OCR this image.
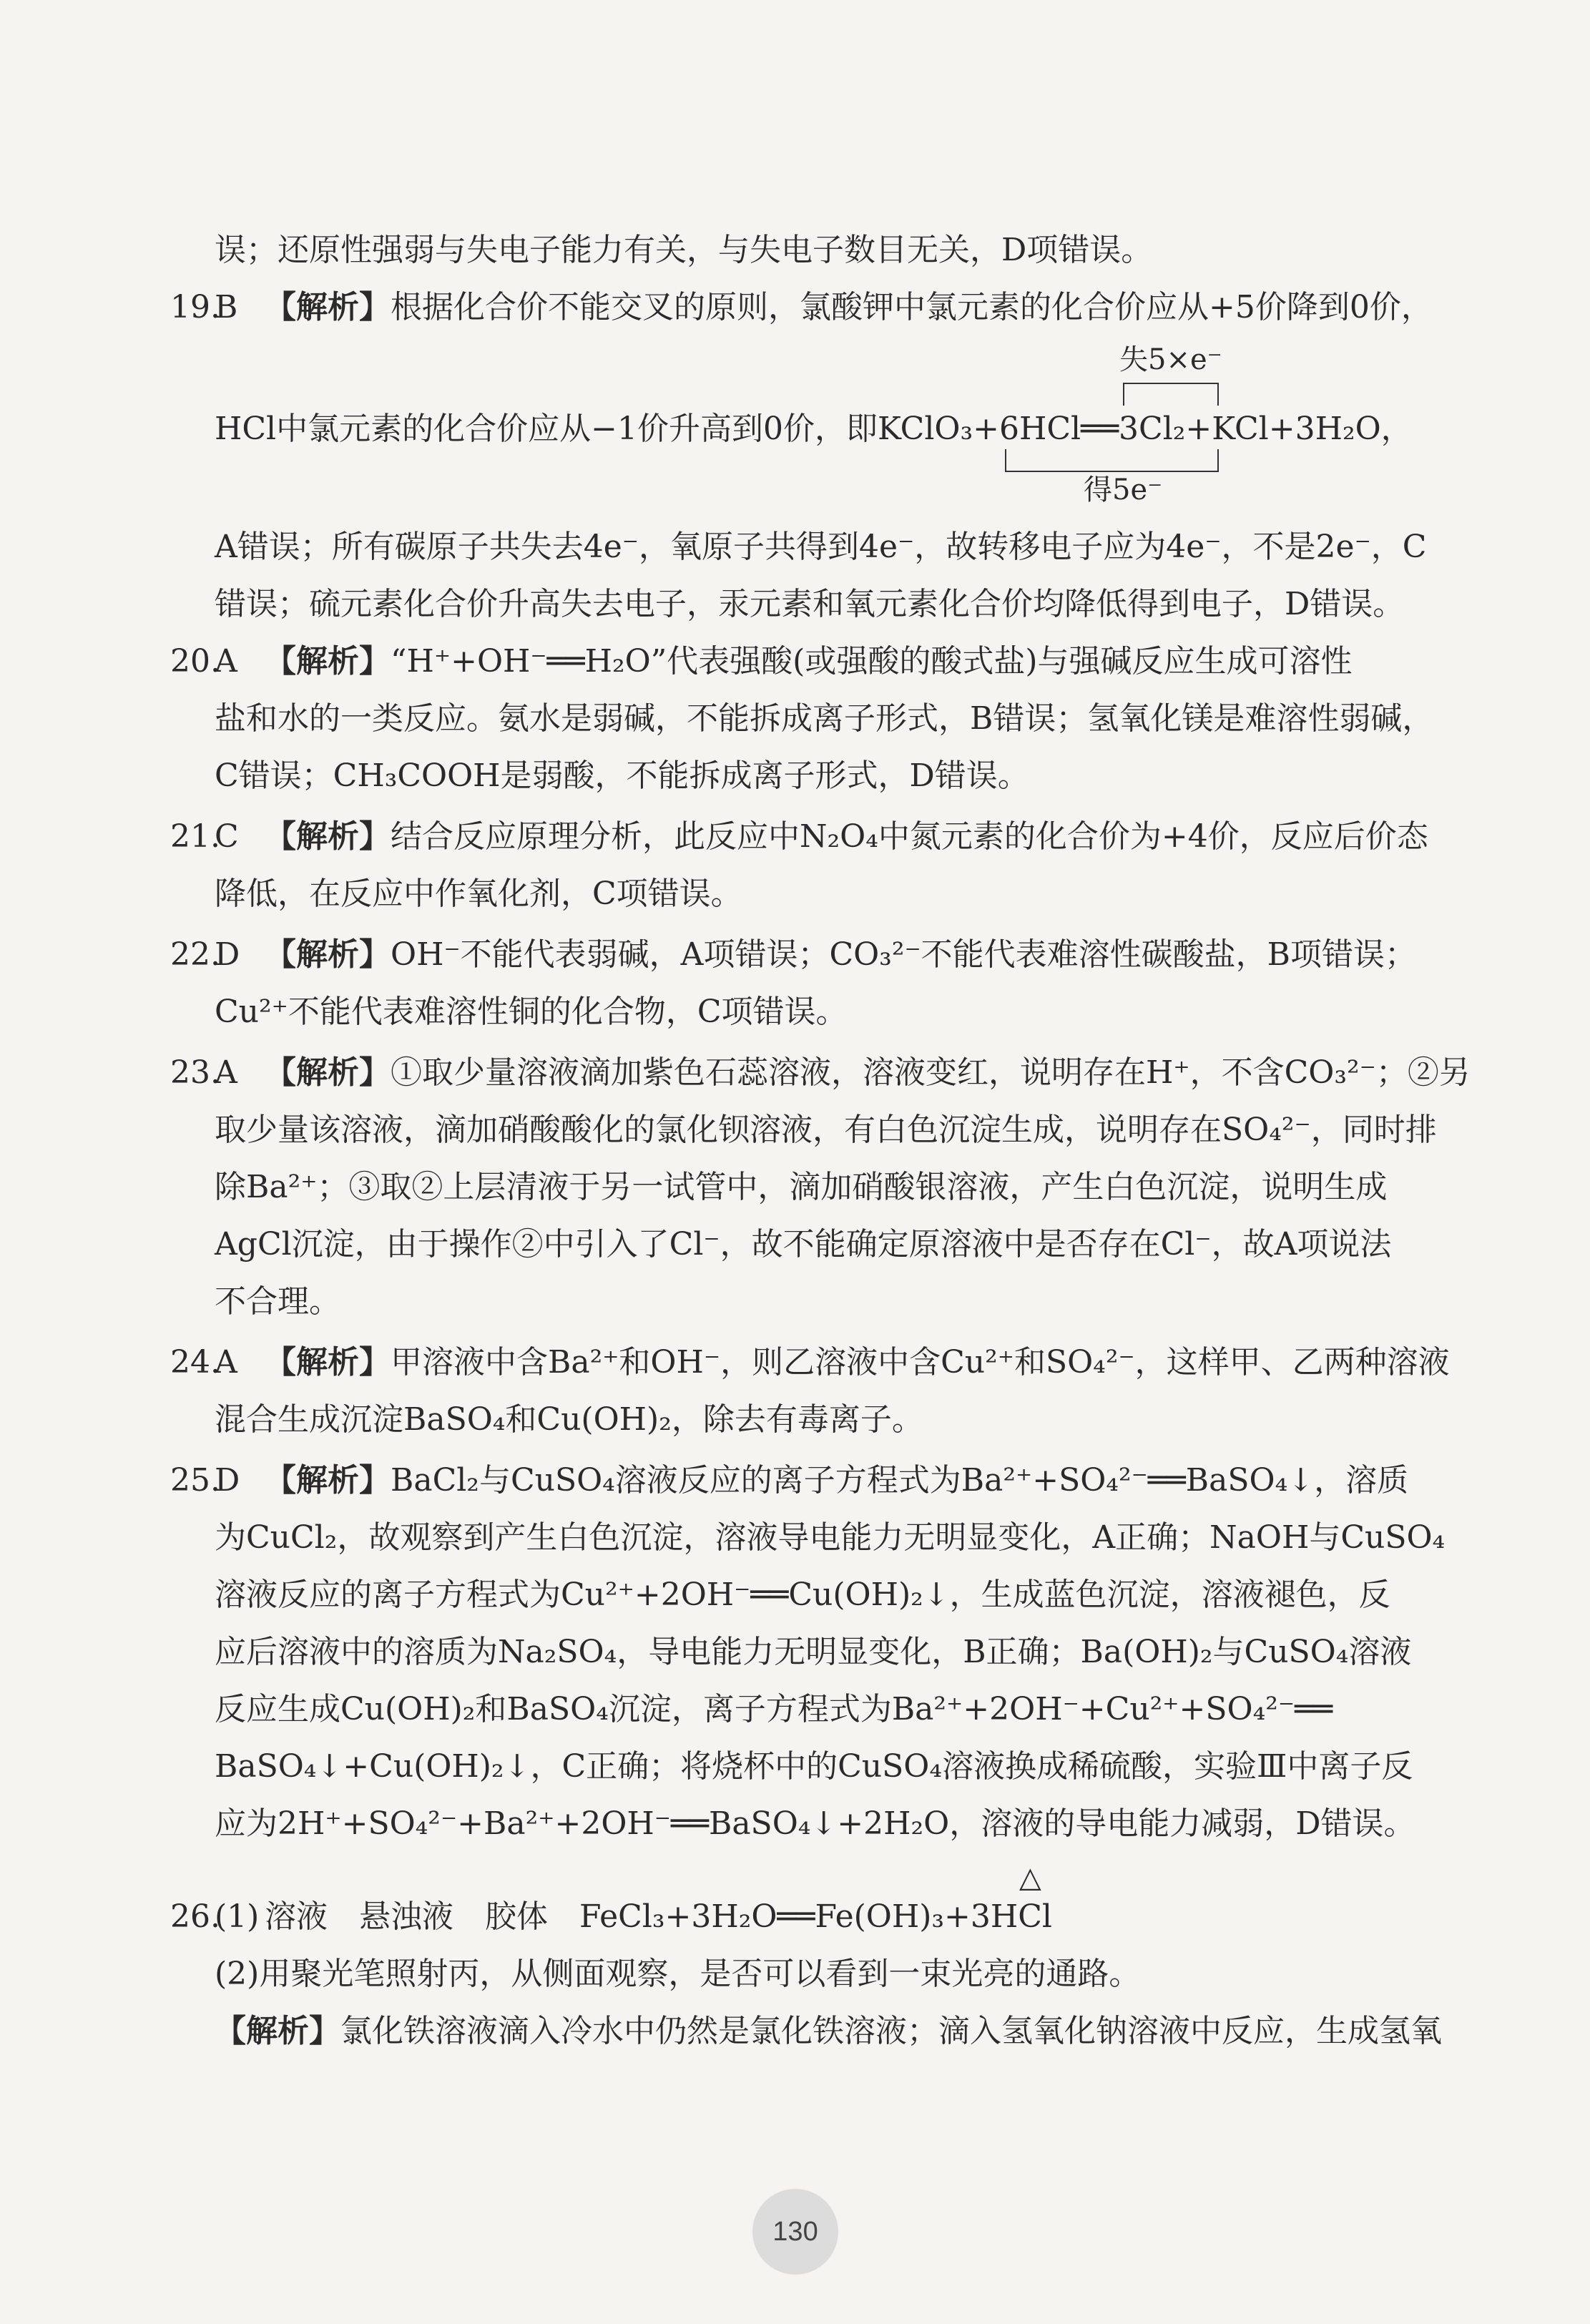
误；还原性强弱与失电子能力有关，与失电子数目无关，D项错误。
19.
B 【解析】根据化合价不能交叉的原则，氯酸钾中氯元素的化合价应从+5价降到0价，
失5×e⁻
HCl中氯元素的化合价应从−1价升高到0价，即KClO₃+6HCl══3Cl₂+KCl+3H₂O，
得5e⁻
A错误；所有碳原子共失去4e⁻，氧原子共得到4e⁻，故转移电子应为4e⁻，不是2e⁻，C
错误；硫元素化合价升高失去电子，汞元素和氧元素化合价均降低得到电子，D错误。
20.
A 【解析】“H⁺+OH⁻══H₂O”代表强酸(或强酸的酸式盐)与强碱反应生成可溶性
盐和水的一类反应。氨水是弱碱，不能拆成离子形式，B错误；氢氧化镁是难溶性弱碱，
C错误；CH₃COOH是弱酸，不能拆成离子形式，D错误。
21.
C 【解析】结合反应原理分析，此反应中N₂O₄中氮元素的化合价为+4价，反应后价态
降低，在反应中作氧化剂，C项错误。
22.
D 【解析】OH⁻不能代表弱碱，A项错误；CO₃²⁻不能代表难溶性碳酸盐，B项错误；
Cu²⁺不能代表难溶性铜的化合物，C项错误。
23.
A 【解析】①取少量溶液滴加紫色石蕊溶液，溶液变红，说明存在H⁺，不含CO₃²⁻；②另
取少量该溶液，滴加硝酸酸化的氯化钡溶液，有白色沉淀生成，说明存在SO₄²⁻，同时排
除Ba²⁺；③取②上层清液于另一试管中，滴加硝酸银溶液，产生白色沉淀，说明生成
AgCl沉淀，由于操作②中引入了Cl⁻，故不能确定原溶液中是否存在Cl⁻，故A项说法
不合理。
24.
A 【解析】甲溶液中含Ba²⁺和OH⁻，则乙溶液中含Cu²⁺和SO₄²⁻，这样甲、乙两种溶液
混合生成沉淀BaSO₄和Cu(OH)₂，除去有毒离子。
25.
D 【解析】BaCl₂与CuSO₄溶液反应的离子方程式为Ba²⁺+SO₄²⁻══BaSO₄↓，溶质
为CuCl₂，故观察到产生白色沉淀，溶液导电能力无明显变化，A正确；NaOH与CuSO₄
溶液反应的离子方程式为Cu²⁺+2OH⁻══Cu(OH)₂↓，生成蓝色沉淀，溶液褪色，反
应后溶液中的溶质为Na₂SO₄，导电能力无明显变化，B正确；Ba(OH)₂与CuSO₄溶液
反应生成Cu(OH)₂和BaSO₄沉淀，离子方程式为Ba²⁺+2OH⁻+Cu²⁺+SO₄²⁻══
BaSO₄↓+Cu(OH)₂↓，C正确；将烧杯中的CuSO₄溶液换成稀硫酸，实验Ⅲ中离子反
应为2H⁺+SO₄²⁻+Ba²⁺+2OH⁻══BaSO₄↓+2H₂O，溶液的导电能力减弱，D错误。
△
26.
(1) 溶液　悬浊液　胶体　FeCl₃+3H₂O══Fe(OH)₃+3HCl
(2)用聚光笔照射丙，从侧面观察，是否可以看到一束光亮的通路。
【解析】氯化铁溶液滴入冷水中仍然是氯化铁溶液；滴入氢氧化钠溶液中反应，生成氢氧
130
